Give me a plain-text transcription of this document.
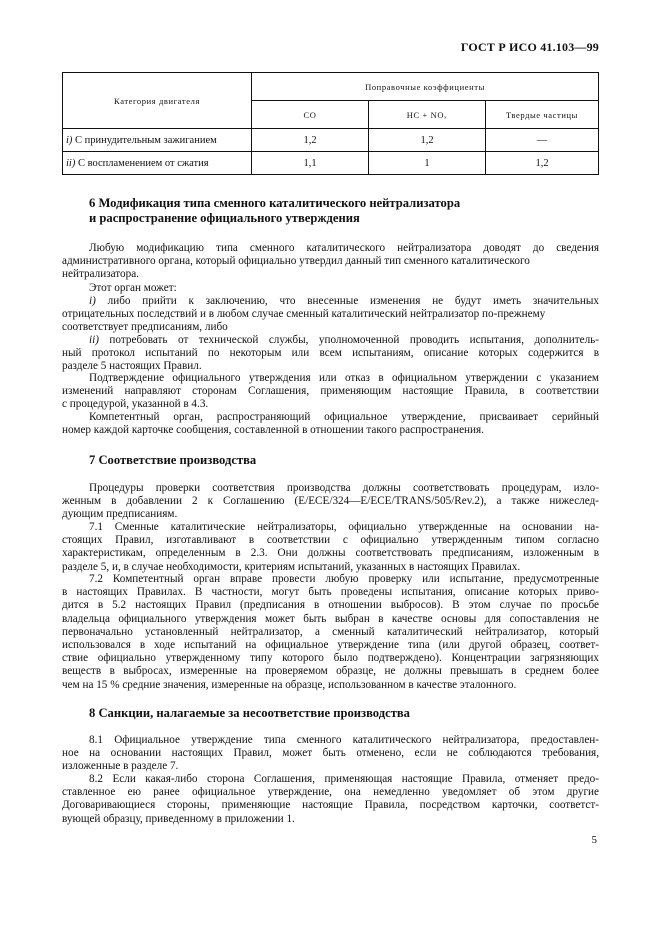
ГОСТ Р ИСО 41.103—99
Категория двигателя	Поправочные коэффициенты		
	CO	HC + NOₓ	Твердые частицы
i) С принудительным зажиганием	1,2	1,2	—
ii) С воспламенением от сжатия	1,1	1	1,2
6 Модификация типа сменного каталитического нейтрализатора
и распространение официального утверждения
Любую модификацию типа сменного каталитического нейтрализатора доводят до сведения
административного органа, который официально утвердил данный тип сменного каталитического
нейтрализатора.
Этот орган может:
i) либо прийти к заключению, что внесенные изменения не будут иметь значительных
отрицательных последствий и в любом случае сменный каталитический нейтрализатор по-прежнему
соответствует предписаниям, либо
ii) потребовать от технической службы, уполномоченной проводить испытания, дополнитель-
ный протокол испытаний по некоторым или всем испытаниям, описание которых содержится в
разделе 5 настоящих Правил.
Подтверждение официального утверждения или отказ в официальном утверждении с указанием
изменений направляют сторонам Соглашения, применяющим настоящие Правила, в соответствии
с процедурой, указанной в 4.3.
Компетентный орган, распространяющий официальное утверждение, присваивает серийный
номер каждой карточке сообщения, составленной в отношении такого распространения.
7 Соответствие производства
Процедуры проверки соответствия производства должны соответствовать процедурам, изло-
женным в добавлении 2 к Соглашению (E/ECE/324—E/ECE/TRANS/505/Rev.2), а также нижеслед-
дующим предписаниям.
7.1 Сменные каталитические нейтрализаторы, официально утвержденные на основании на-
стоящих Правил, изготавливают в соответствии с официально утвержденным типом согласно
характеристикам, определенным в 2.3. Они должны соответствовать предписаниям, изложенным в
разделе 5, и, в случае необходимости, критериям испытаний, указанных в настоящих Правилах.
7.2 Компетентный орган вправе провести любую проверку или испытание, предусмотренные
в настоящих Правилах. В частности, могут быть проведены испытания, описание которых приво-
дится в 5.2 настоящих Правил (предписания в отношении выбросов). В этом случае по просьбе
владельца официального утверждения может быть выбран в качестве основы для сопоставления не
первоначально установленный нейтрализатор, а сменный каталитический нейтрализатор, который
использовался в ходе испытаний на официальное утверждение типа (или другой образец, соответ-
ствие официально утвержденному типу которого было подтверждено). Концентрации загрязняющих
веществ в выбросах, измеренные на проверяемом образце, не должны превышать в среднем более
чем на 15 % средние значения, измеренные на образце, использованном в качестве эталонного.
8 Санкции, налагаемые за несоответствие производства
8.1 Официальное утверждение типа сменного каталитического нейтрализатора, предоставлен-
ное на основании настоящих Правил, может быть отменено, если не соблюдаются требования,
изложенные в разделе 7.
8.2 Если какая-либо сторона Соглашения, применяющая настоящие Правила, отменяет предо-
ставленное ею ранее официальное утверждение, она немедленно уведомляет об этом другие
Договаривающиеся стороны, применяющие настоящие Правила, посредством карточки, соответст-
вующей образцу, приведенному в приложении 1.
5
